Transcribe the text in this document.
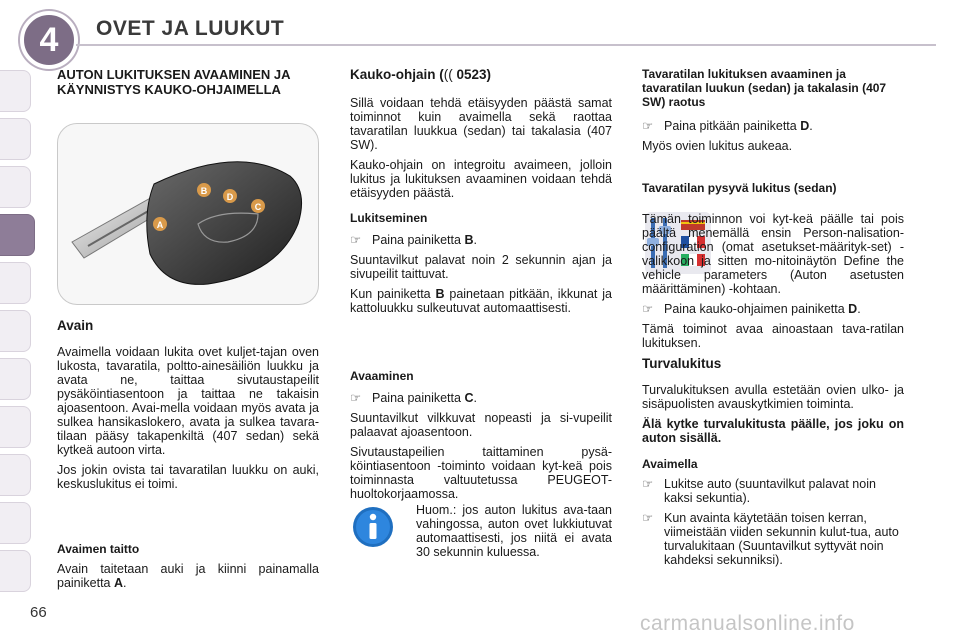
4	OVET JA LUUKUT
AUTON LUKITUKSEN AVAAMINEN JA KÄYNNISTYS KAUKO-OHJAIMELLA
B
D
C
A
Avain

Avaimella voidaan lukita ovet kuljet-tajan oven lukosta, tavaratila, poltto-ainesäiliön luukku ja avata ne, taittaa sivutaustapeilit pysäköintiasentoon ja taittaa ne takaisin ajoasentoon. Avai-mella voidaan myös avata ja sulkea hansikaslokero, avata ja sulkea tavara-tilaan pääsy takapenkiltä (407 sedan) sekä kytkeä autoon virta.

Jos jokin ovista tai tavaratilan luukku on auki, keskuslukitus ei toimi.

Avaimen taitto

Avain taitetaan auki ja kiinni painamalla painiketta A.

Kauko-ohjain ((( 0523)

Sillä voidaan tehdä etäisyyden päästä samat toiminnot kuin avaimella sekä raottaa tavaratilan luukkua (sedan) tai takalasia (407 SW).

Kauko-ohjain on integroitu avaimeen, jolloin lukitus ja lukituksen avaaminen voidaan tehdä etäisyyden päästä.

Lukitseminen
☞ Paina painiketta B.

Suuntavilkut palavat noin 2 sekunnin ajan ja sivupeilit taittuvat.

Kun painiketta B painetaan pitkään, ikkunat ja kattoluukku sulkeutuvat automaattisesti.

Avaaminen
☞ Paina painiketta C.

Suuntavilkut vilkkuvat nopeasti ja si-vupeilit palaavat ajoasentoon.

Sivutaustapeilien taittaminen pysä-köintiasentoon -toiminto voidaan kyt-keä pois toiminnasta valtuutetussa PEUGEOT-huoltokorjaamossa.

Huom.: jos auton lukitus ava-taan vahingossa, auton ovet lukkiutuvat automaattisesti, jos niitä ei avata 30 sekunnin kuluessa.

Tavaratilan lukituksen avaaminen ja tavaratilan luukun (sedan) ja takalasin (407 SW) raotus
☞ Paina pitkään painiketta D.

Myös ovien lukitus aukeaa.

Tavaratilan pysyvä lukitus (sedan)

Tämän toiminnon voi kyt-keä päälle tai pois päältä menemällä ensin Person-nalisation-configuration (omat asetukset-määrityk-set) -valikkoon ja sitten mo-nitoinäytön Define the vehicle parameters (Auton asetusten määrittäminen) -kohtaan.

☞ Paina kauko-ohjaimen painiketta D.

Tämä toiminot avaa ainoastaan tava-ratilan lukituksen.

Turvalukitus

Turvalukituksen avulla estetään ovien ulko- ja sisäpuolisten avauskytkimien toiminta.

Älä kytke turvalukitusta päälle, jos joku on auton sisällä.

Avaimella
☞ Lukitse auto (suuntavilkut palavat noin kaksi sekuntia).
☞ Kun avainta käytetään toisen kerran, viimeistään viiden sekunnin kulut-tua, auto turvalukitaan (Suuntavilkut syttyvät noin kahdeksi sekunniksi).
66	carmanualsonline.info
